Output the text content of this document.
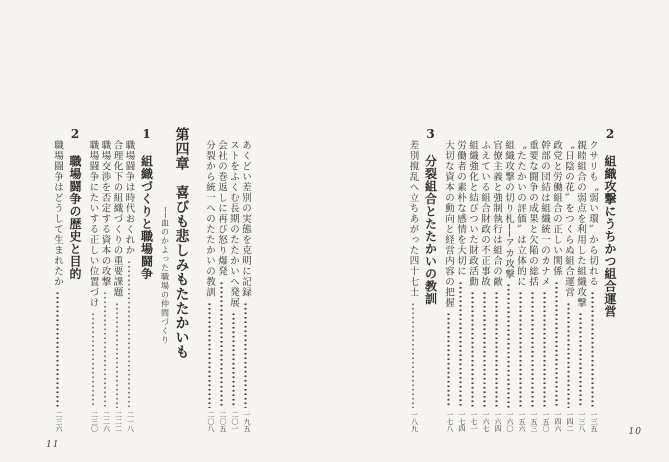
2
組織攻撃にうちかつ組合運営
クサリも〝弱い環〟から切れる
一三五
親睦組合の弱点を利用した組織攻撃
一三八
〝日陰の花〟をつくらぬ組合運営
一四二
政党と労働組合の正しい関係
一四六
幹部の団結は組織統一のカナメ
一五〇
重要な闘争の成果と欠陥の総括
一五三
〝たたかいの評価〟は立体的に
一五六
組織攻撃の切り札──アカ攻撃
一六〇
官僚主義と強制執行は組合の敵
一六四
ふえている組合財政の不正事故
一六七
組織強化と結びついた財政活動
一七一
労働者の素朴な感情を大切に
一七四
大切な資本の動向と経営内容の把握
一七八
3
分裂組合とたたかいの教訓
差別撹乱へ立ちあがった四十七士
一八九
あくどい差別の実態を克明に記録
一九五
ストをふくむ長期のたたかいへ発展
二〇一
会社の巻返しに再び怒り爆発
二〇五
分裂から統一へのたたかいの教訓
二〇八
第四章
喜びも悲しみもたたかいも
──血のかよった職場の仲間づくり
1
組織づくりと職場闘争
職場闘争は時代おくれか
二一八
合理化下の組織づくりの重要課題
二二二
職場交渉を否定する資本の攻撃
二二六
職場闘争にたいする正しい位置づけ
二三〇
2
職場闘争の歴史と目的
職場闘争はどうして生まれたか
二三六	10
11
